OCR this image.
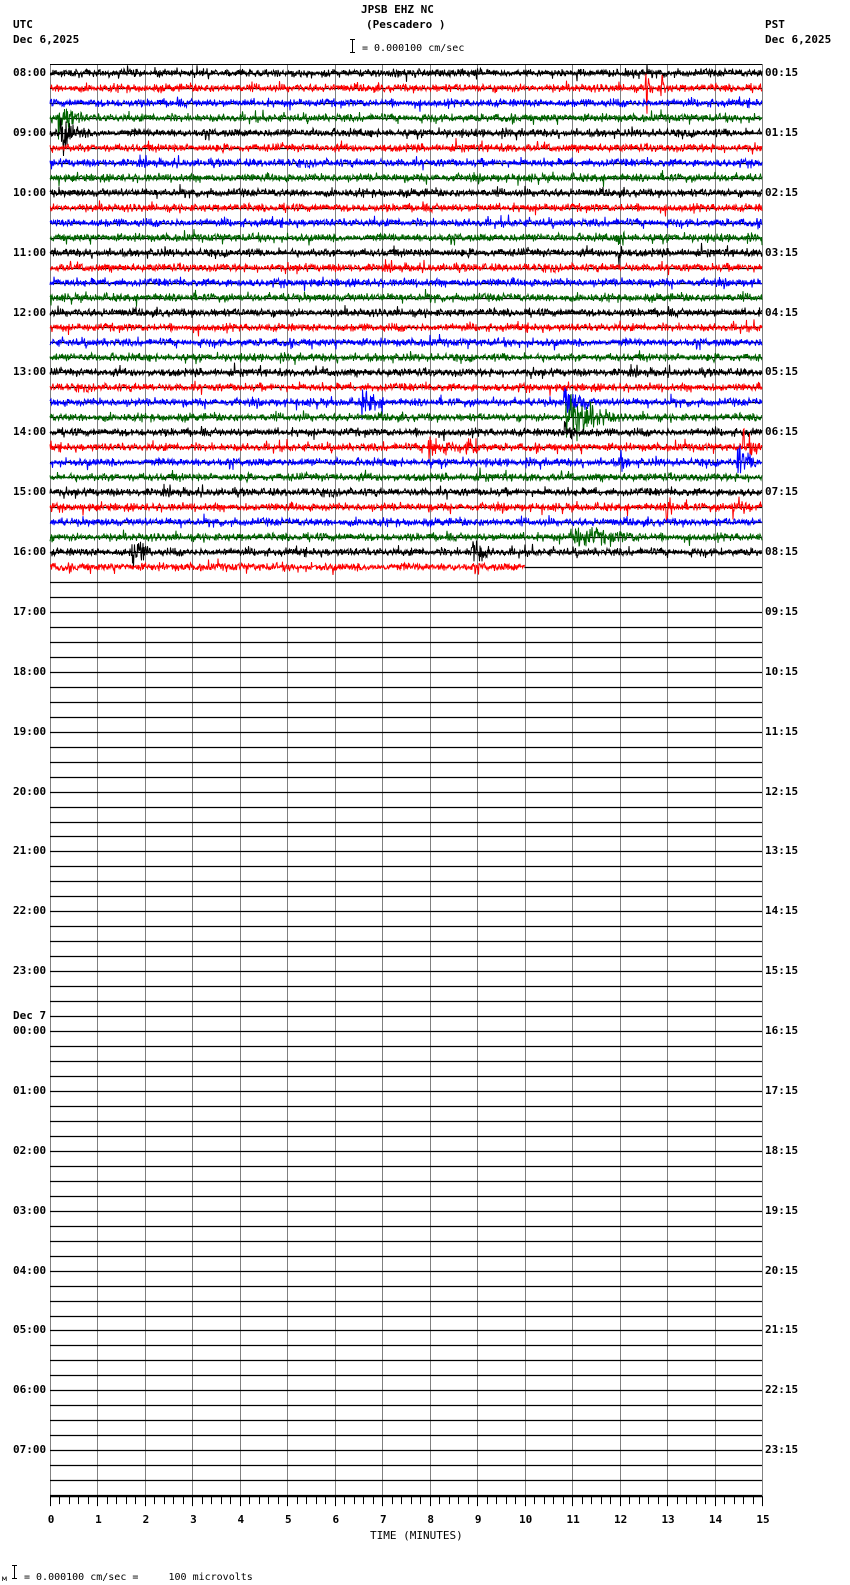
JPSB EHZ NC
(Pescadero )
UTC
Dec 6,2025
PST
Dec 6,2025
= 0.000100 cm/sec
08:00
09:00
10:00
11:00
12:00
13:00
14:00
15:00
16:00
17:00
18:00
19:00
20:00
21:00
22:00
23:00
Dec 7
00:00
01:00
02:00
03:00
04:00
05:00
06:00
07:00
00:15
01:15
02:15
03:15
04:15
05:15
06:15
07:15
08:15
09:15
10:15
11:15
12:15
13:15
14:15
15:15
16:15
17:15
18:15
19:15
20:15
21:15
22:15
23:15
0	1	2	3	4	5	6	7	8	9	10	11	12	13	14	15
TIME (MINUTES)
м = 0.000100 cm/sec =     100 microvolts
